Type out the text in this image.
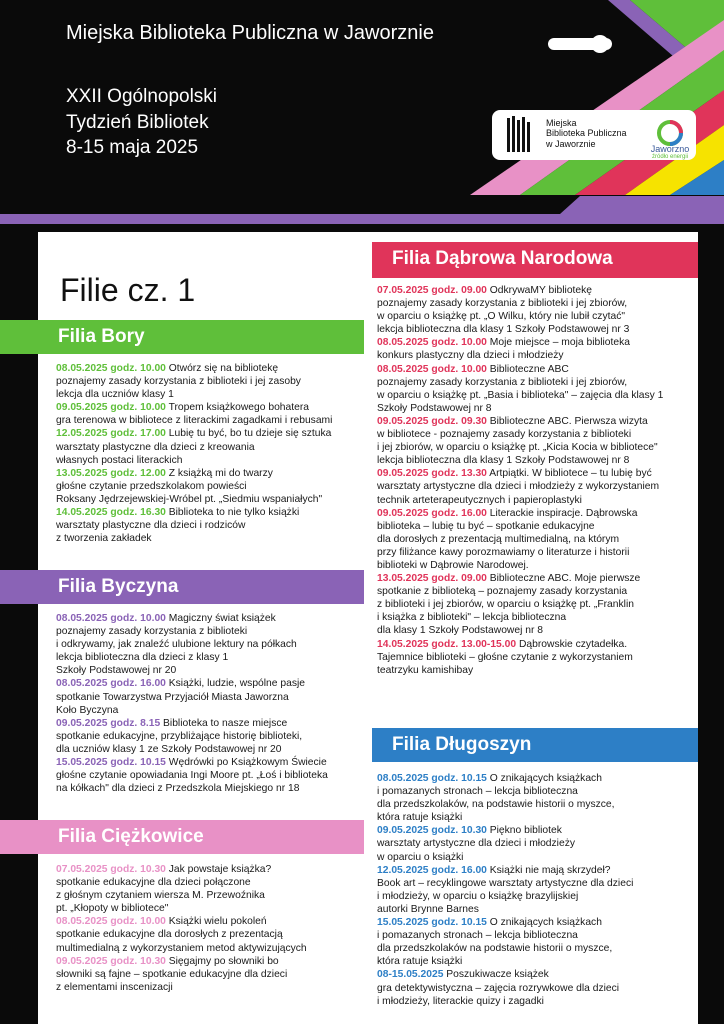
Miejska Biblioteka Publiczna w Jaworznie
XXII Ogólnopolski
Tydzień Bibliotek
8-15 maja 2025
Miejska
Biblioteka Publiczna
w Jaworznie
Jaworzno
źródło energii
Filie cz. 1
Filia Bory
08.05.2025 godz. 10.00 Otwórz się na bibliotekę
poznajemy zasady korzystania z biblioteki i jej zasoby
lekcja dla uczniów klasy 1
09.05.2025 godz. 10.00 Tropem książkowego bohatera
gra terenowa w bibliotece z literackimi zagadkami i rebusami
12.05.2025 godz. 17.00 Lubię tu być, bo tu dzieje się sztuka
warsztaty plastyczne dla dzieci z kreowania
własnych postaci literackich
13.05.2025 godz. 12.00 Z książką mi do twarzy
głośne czytanie przedszkolakom powieści
Roksany Jędrzejewskiej-Wróbel pt. „Siedmiu wspaniałych"
14.05.2025 godz. 16.30 Biblioteka to nie tylko książki
warsztaty plastyczne dla dzieci i rodziców
z tworzenia zakładek
Filia Byczyna
08.05.2025 godz. 10.00 Magiczny świat książek
poznajemy zasady korzystania z biblioteki
i odkrywamy, jak znaleźć ulubione lektury na półkach
lekcja biblioteczna dla dzieci z klasy 1
Szkoły Podstawowej nr 20
08.05.2025 godz. 16.00 Książki, ludzie, wspólne pasje
spotkanie Towarzystwa Przyjaciół Miasta Jaworzna
Koło Byczyna
09.05.2025 godz. 8.15 Biblioteka to nasze miejsce
spotkanie edukacyjne, przybliżające historię biblioteki,
dla uczniów klasy 1 ze Szkoły Podstawowej nr 20
15.05.2025 godz. 10.15 Wędrówki po Książkowym Świecie
głośne czytanie opowiadania Ingi Moore pt. „Łoś i biblioteka
na kółkach" dla dzieci z Przedszkola Miejskiego nr 18
Filia Ciężkowice
07.05.2025 godz. 10.30 Jak powstaje książka?
spotkanie edukacyjne dla dzieci połączone
z głośnym czytaniem wiersza M. Przewoźnika
pt. „Kłopoty w bibliotece"
08.05.2025 godz. 10.00 Książki wielu pokoleń
spotkanie edukacyjne dla dorosłych z prezentacją
multimedialną z wykorzystaniem metod aktywizujących
09.05.2025 godz. 10.30 Sięgajmy po słowniki bo
słowniki są fajne – spotkanie edukacyjne dla dzieci
z elementami inscenizacji
Filia Dąbrowa Narodowa
07.05.2025 godz. 09.00 OdkrywaMY bibliotekę
poznajemy zasady korzystania z biblioteki i jej zbiorów,
w oparciu o książkę pt. „O Wilku, który nie lubił czytać"
lekcja biblioteczna dla klasy 1 Szkoły Podstawowej nr 3
08.05.2025 godz. 10.00 Moje miejsce – moja biblioteka
konkurs plastyczny dla dzieci i młodzieży
08.05.2025 godz. 10.00 Biblioteczne ABC
poznajemy zasady korzystania z biblioteki i jej zbiorów,
w oparciu o książkę pt. „Basia i biblioteka" – zajęcia dla klasy 1
Szkoły Podstawowej nr 8
09.05.2025 godz. 09.30 Biblioteczne ABC. Pierwsza wizyta
w bibliotece - poznajemy zasady korzystania z biblioteki
i jej zbiorów, w oparciu o książkę pt. „Kicia Kocia w bibliotece"
lekcja biblioteczna dla klasy 1 Szkoły Podstawowej nr 8
09.05.2025 godz. 13.30 Artpiątki. W bibliotece – tu lubię być
warsztaty artystyczne dla dzieci i młodzieży z wykorzystaniem
technik arteterapeutycznych i papieroplastyki
09.05.2025 godz. 16.00 Literackie inspiracje. Dąbrowska
biblioteka – lubię tu być – spotkanie edukacyjne
dla dorosłych z prezentacją multimedialną, na którym
przy filiżance kawy porozmawiamy o literaturze i historii
biblioteki w Dąbrowie Narodowej.
13.05.2025 godz. 09.00 Biblioteczne ABC. Moje pierwsze
spotkanie z biblioteką – poznajemy zasady korzystania
z biblioteki i jej zbiorów, w oparciu o książkę pt. „Franklin
i książka z biblioteki" – lekcja biblioteczna
dla klasy 1 Szkoły Podstawowej nr 8
14.05.2025 godz. 13.00-15.00 Dąbrowskie czytadełka.
Tajemnice biblioteki – głośne czytanie z wykorzystaniem
teatrzyku kamishibay
Filia Długoszyn
08.05.2025 godz. 10.15 O znikających książkach
i pomazanych stronach – lekcja biblioteczna
dla przedszkolaków, na podstawie historii o myszce,
która ratuje książki
09.05.2025 godz. 10.30 Piękno bibliotek
warsztaty artystyczne dla dzieci i młodzieży
w oparciu o książki
12.05.2025 godz. 16.00 Książki nie mają skrzydeł?
Book art – recyklingowe warsztaty artystyczne dla dzieci
i młodzieży, w oparciu o książkę brazylijskiej
autorki Brynne Barnes
15.05.2025 godz. 10.15 O znikających książkach
i pomazanych stronach – lekcja biblioteczna
dla przedszkolaków na podstawie historii o myszce,
która ratuje książki
08-15.05.2025 Poszukiwacze książek
gra detektywistyczna – zajęcia rozrywkowe dla dzieci
i młodzieży, literackie quizy i zagadki
